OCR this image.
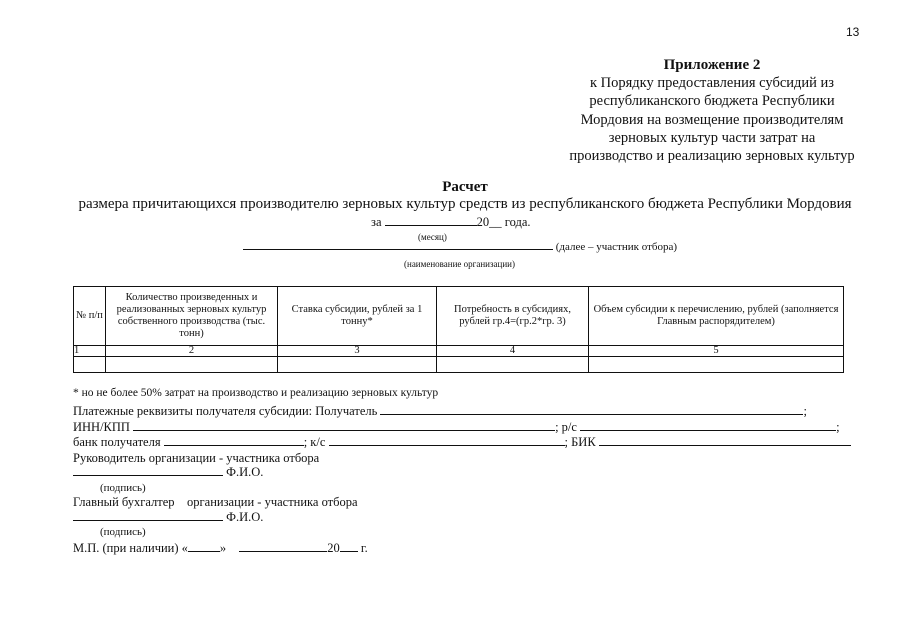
13
Приложение 2
к Порядку предоставления субсидий из
республиканского бюджета Республики
Мордовия на возмещение производителям
зерновых культур части затрат на
производство и реализацию зерновых культур
Расчет
размера причитающихся производителю зерновых культур средств из республиканского бюджета Республики Мордовия
за	20__ года.
(месяц)
(далее – участник отбора)
(наименование организации)
№ п/п	Количество произведенных и реализованных зерновых культур собственного производства (тыс. тонн)	Ставка субсидии, рублей за 1 тонну*	Потребность в субсидиях, рублей гр.4=(гр.2*гр. 3)	Объем субсидии к перечислению, рублей (заполняется Главным распорядителем)
1	2	3	4	5

* но не более 50% затрат на производство и реализацию зерновых культур
Платежные реквизиты получателя субсидии: Получатель	;
ИНН/КПП	; р/с	;
банк получателя	; к/с	; БИК
Руководитель организации - участника отбора
Ф.И.О.
(подпись)
Главный бухгалтер    организации - участника отбора
Ф.И.О.
(подпись)
М.П. (при наличии) «	»	20 г.
